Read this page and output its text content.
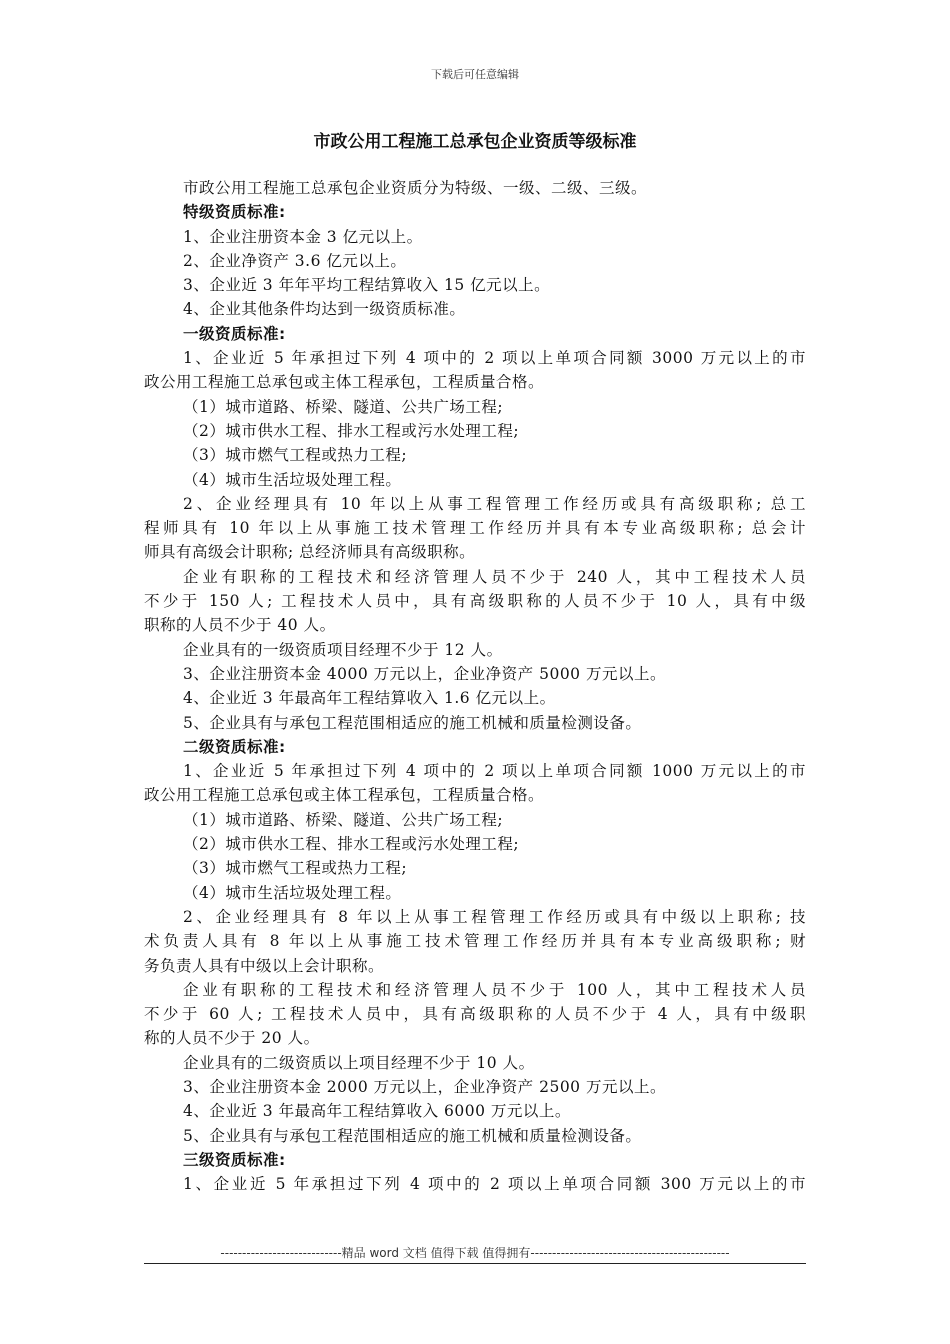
下载后可任意编辑
市政公用工程施工总承包企业资质等级标准
市政公用工程施工总承包企业资质分为特级、一级、二级、三级。
特级资质标准:
1、企业注册资本金 3 亿元以上。
2、企业净资产 3.6 亿元以上。
3、企业近 3 年年平均工程结算收入 15 亿元以上。
4、企业其他条件均达到一级资质标准。
一级资质标准:
1、企业近 5 年承担过下列 4 项中的 2 项以上单项合同额 3000 万元以上的市
政公用工程施工总承包或主体工程承包，工程质量合格。
（1）城市道路、桥梁、隧道、公共广场工程;
（2）城市供水工程、排水工程或污水处理工程;
（3）城市燃气工程或热力工程;
（4）城市生活垃圾处理工程。
2、企业经理具有 10 年以上从事工程管理工作经历或具有高级职称; 总工
程师具有 10 年以上从事施工技术管理工作经历并具有本专业高级职称; 总会计
师具有高级会计职称; 总经济师具有高级职称。
企业有职称的工程技术和经济管理人员不少于 240 人，其中工程技术人员
不少于 150 人; 工程技术人员中，具有高级职称的人员不少于 10 人，具有中级
职称的人员不少于 40 人。
企业具有的一级资质项目经理不少于 12 人。
3、企业注册资本金 4000 万元以上，企业净资产 5000 万元以上。
4、企业近 3 年最高年工程结算收入 1.6 亿元以上。
5、企业具有与承包工程范围相适应的施工机械和质量检测设备。
二级资质标准:
1、企业近 5 年承担过下列 4 项中的 2 项以上单项合同额 1000 万元以上的市
政公用工程施工总承包或主体工程承包，工程质量合格。
（1）城市道路、桥梁、隧道、公共广场工程;
（2）城市供水工程、排水工程或污水处理工程;
（3）城市燃气工程或热力工程;
（4）城市生活垃圾处理工程。
2、企业经理具有 8 年以上从事工程管理工作经历或具有中级以上职称; 技
术负责人具有 8 年以上从事施工技术管理工作经历并具有本专业高级职称; 财
务负责人具有中级以上会计职称。
企业有职称的工程技术和经济管理人员不少于 100 人，其中工程技术人员
不少于 60 人; 工程技术人员中，具有高级职称的人员不少于 4 人，具有中级职
称的人员不少于 20 人。
企业具有的二级资质以上项目经理不少于 10 人。
3、企业注册资本金 2000 万元以上，企业净资产 2500 万元以上。
4、企业近 3 年最高年工程结算收入 6000 万元以上。
5、企业具有与承包工程范围相适应的施工机械和质量检测设备。
三级资质标准:
1、企业近 5 年承担过下列 4 项中的 2 项以上单项合同额 300 万元以上的市
----------------------------精品 word 文档 值得下载 值得拥有----------------------------------------------
